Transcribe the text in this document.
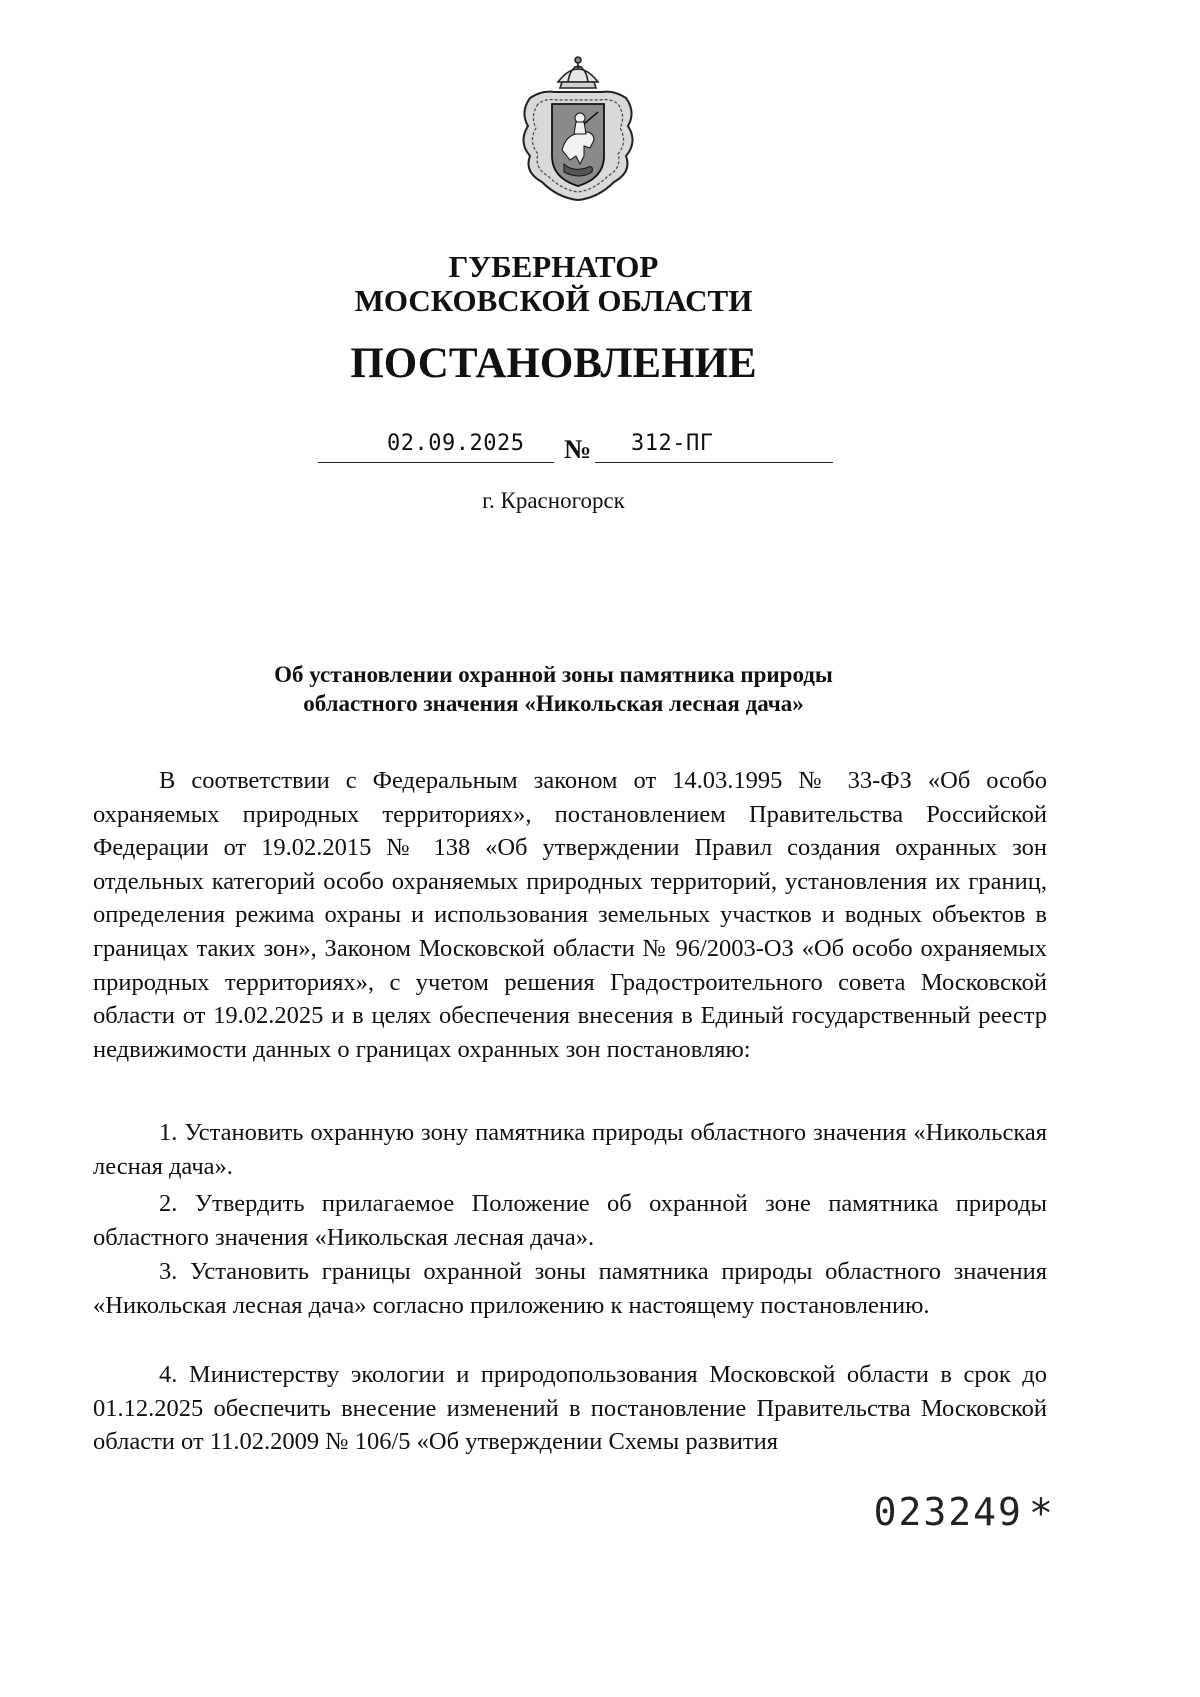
ГУБЕРНАТОР
МОСКОВСКОЙ ОБЛАСТИ
ПОСТАНОВЛЕНИЕ
02.09.2025 № 312-ПГ
г. Красногорск
Об установлении охранной зоны памятника природы
областного значения «Никольская лесная дача»
В соответствии с Федеральным законом от 14.03.1995 № 33-ФЗ «Об особо охраняемых природных территориях», постановлением Правительства Российской Федерации от 19.02.2015 № 138 «Об утверждении Правил создания охранных зон отдельных категорий особо охраняемых природных территорий, установления их границ, определения режима охраны и использования земельных участков и водных объектов в границах таких зон», Законом Московской области № 96/2003-ОЗ «Об особо охраняемых природных территориях», с учетом решения Градостроительного совета Московской области от 19.02.2025 и в целях обеспечения внесения в Единый государственный реестр недвижимости данных о границах охранных зон постановляю:
1. Установить охранную зону памятника природы областного значения «Никольская лесная дача».
2. Утвердить прилагаемое Положение об охранной зоне памятника природы областного значения «Никольская лесная дача».
3. Установить границы охранной зоны памятника природы областного значения «Никольская лесная дача» согласно приложению к настоящему постановлению.
4. Министерству экологии и природопользования Московской области в срок до 01.12.2025 обеспечить внесение изменений в постановление Правительства Московской области от 11.02.2009 № 106/5 «Об утверждении Схемы развития
023249 *
